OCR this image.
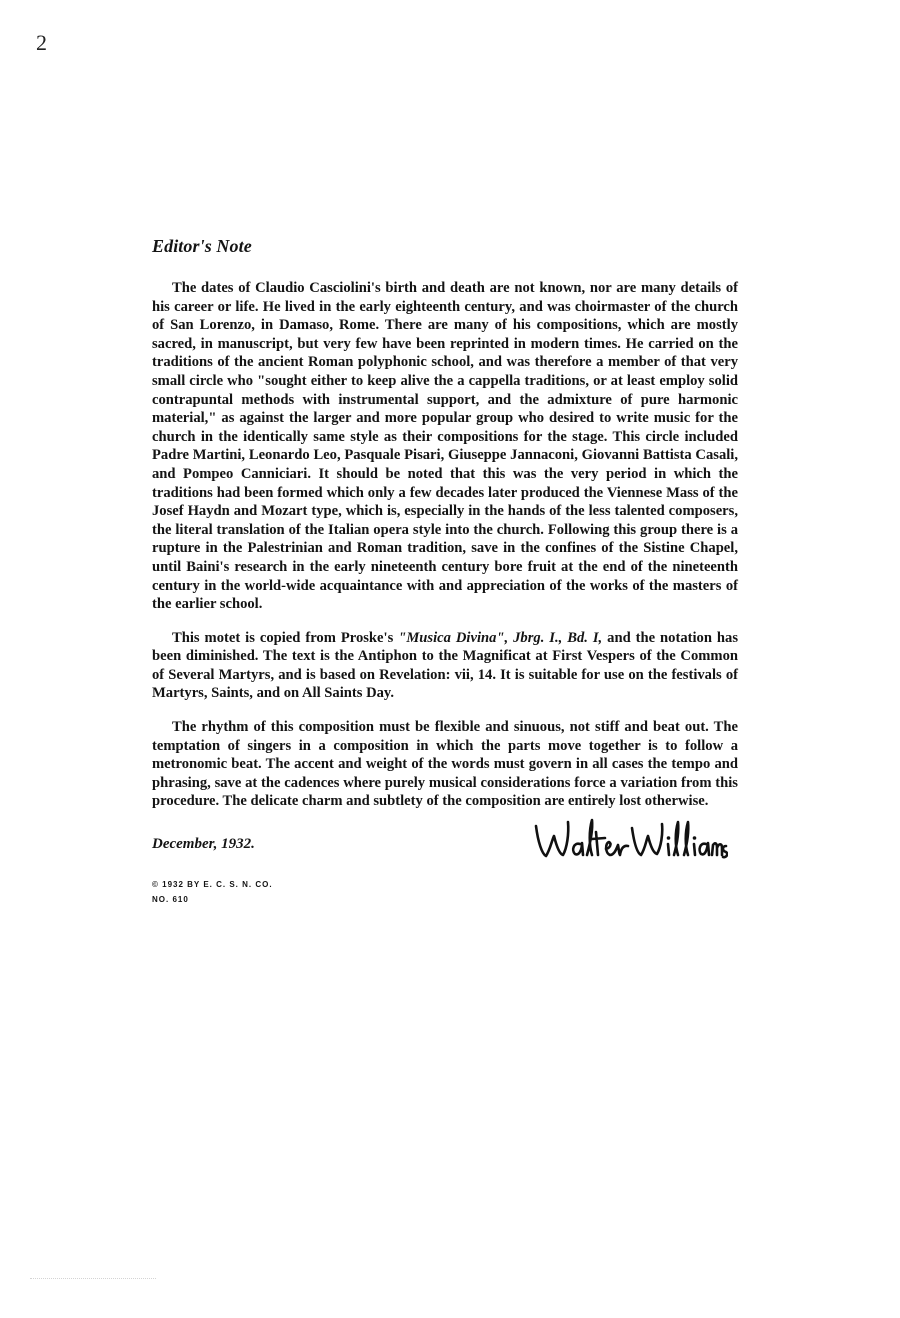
2
Editor's Note

The dates of Claudio Casciolini's birth and death are not known, nor are many details of his career or life. He lived in the early eighteenth century, and was choirmaster of the church of San Lorenzo, in Damaso, Rome. There are many of his compositions, which are mostly sacred, in manuscript, but very few have been reprinted in modern times. He carried on the traditions of the ancient Roman polyphonic school, and was therefore a member of that very small circle who "sought either to keep alive the a cappella traditions, or at least employ solid contrapuntal methods with instrumental support, and the admixture of pure harmonic material," as against the larger and more popular group who desired to write music for the church in the identically same style as their compositions for the stage. This circle included Padre Martini, Leonardo Leo, Pasquale Pisari, Giuseppe Jannaconi, Giovanni Battista Casali, and Pompeo Canniciari. It should be noted that this was the very period in which the traditions had been formed which only a few decades later produced the Viennese Mass of the Josef Haydn and Mozart type, which is, especially in the hands of the less talented composers, the literal translation of the Italian opera style into the church. Following this group there is a rupture in the Palestrinian and Roman tradition, save in the confines of the Sistine Chapel, until Baini's research in the early nineteenth century bore fruit at the end of the nineteenth century in the world-wide acquaintance with and appreciation of the works of the masters of the earlier school.

This motet is copied from Proske's "Musica Divina", Jbrg. I., Bd. I, and the notation has been diminished. The text is the Antiphon to the Magnificat at First Vespers of the Common of Several Martyrs, and is based on Revelation: vii, 14. It is suitable for use on the festivals of Martyrs, Saints, and on All Saints Day.

The rhythm of this composition must be flexible and sinuous, not stiff and beat out. The temptation of singers in a composition in which the parts move together is to follow a metronomic beat. The accent and weight of the words must govern in all cases the tempo and phrasing, save at the cadences where purely musical considerations force a variation from this procedure. The delicate charm and subtlety of the composition are entirely lost otherwise.

December, 1932.
© 1932 BY E. C. S. N. CO.
NO. 610
